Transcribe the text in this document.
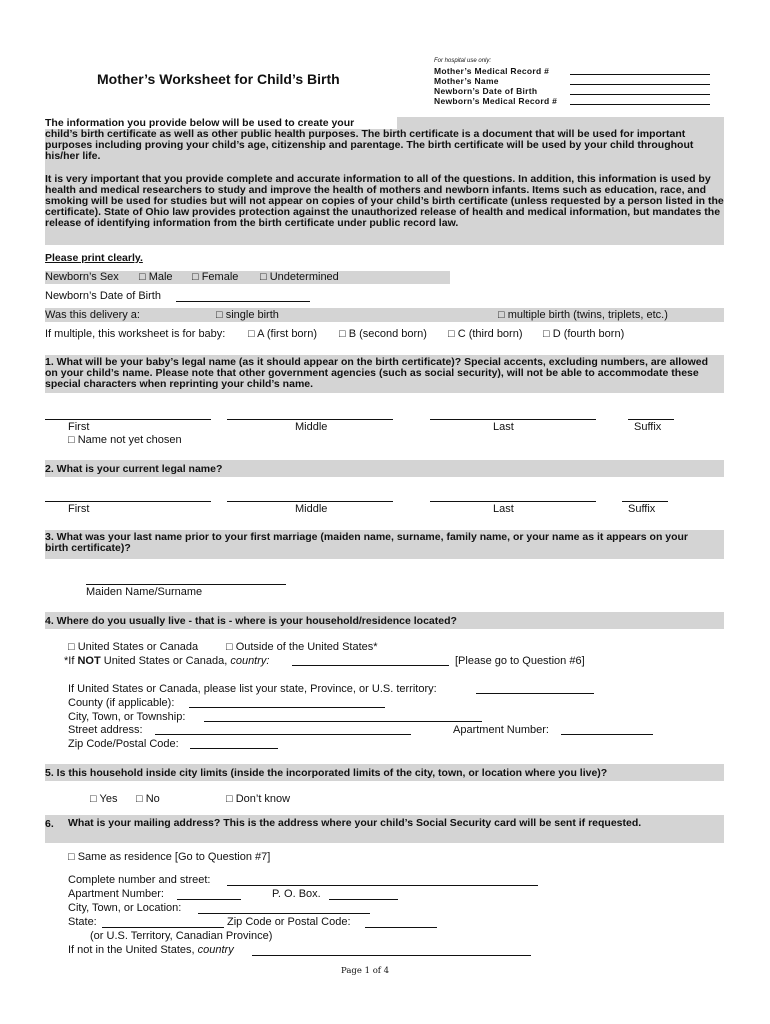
Mother’s Worksheet for Child’s Birth
For hospital use only:
Mother’s Medical Record #
Mother’s Name
Newborn’s Date of Birth
Newborn’s Medical Record #
The information you provide below will be used to create your
child’s birth certificate as well as other public health purposes. The birth certificate is a document that will be used for important purposes including proving your child’s age, citizenship and parentage. The birth certificate will be used by your child throughout his/her life.
It is very important that you provide complete and accurate information to all of the questions. In addition, this information is used by health and medical researchers to study and improve the health of mothers and newborn infants. Items such as education, race, and smoking will be used for studies but will not appear on copies of your child’s birth certificate (unless requested by a person listed in the certificate). State of Ohio law provides protection against the unauthorized release of health and medical information, but mandates the release of identifying information from the birth certificate under public record law.
Please print clearly.
Newborn’s Sex □ Male □ Female □ Undetermined
Newborn’s Date of Birth
Was this delivery a:	□ single birth	□ multiple birth (twins, triplets, etc.)
If multiple, this worksheet is for baby: □ A (first born) □ B (second born) □ C (third born) □ D (fourth born)
1. What will be your baby’s legal name (as it should appear on the birth certificate)? Special accents, excluding numbers, are allowed on your child’s name. Please note that other government agencies (such as social security), will not be able to accommodate these special characters when reprinting your child’s name.
First	Middle	Last	Suffix
□ Name not yet chosen
2. What is your current legal name?
First	Middle	Last	Suffix
3. What was your last name prior to your first marriage (maiden name, surname, family name, or your name as it appears on your birth certificate)?
Maiden Name/Surname
4. Where do you usually live - that is - where is your household/residence located?
□ United States or Canada	□ Outside of the United States*
*If NOT United States or Canada, country:	[Please go to Question #6]
If United States or Canada, please list your state, Province, or U.S. territory:
County (if applicable):
City, Town, or Township:
Street address:	Apartment Number:
Zip Code/Postal Code:
5. Is this household inside city limits (inside the incorporated limits of the city, town, or location where you live)?
□ Yes □ No	□ Don’t know
6. What is your mailing address? This is the address where your child’s Social Security card will be sent if requested.
□ Same as residence [Go to Question #7]
Complete number and street:
Apartment Number:	P. O. Box.
City, Town, or Location:
State:	Zip Code or Postal Code:
(or U.S. Territory, Canadian Province)
If not in the United States, country
Page 1 of 4
